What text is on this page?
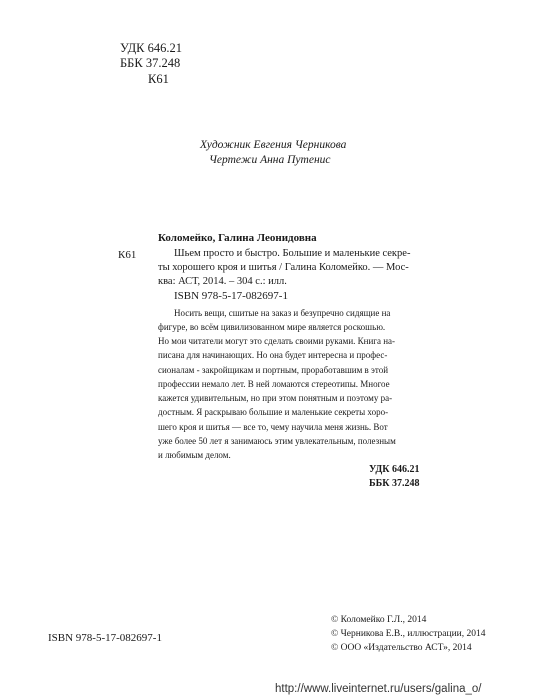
УДК 646.21
ББК 37.248
К61
Художник Евгения Черникова
Чертежи Анна Путенис
Коломейко, Галина Леонидовна
К61	Шьем просто и быстро. Большие и маленькие секре-
ты хорошего кроя и шитья / Галина Коломейко. — Мос-
ква: АСТ, 2014. – 304 с.: илл.
ISBN 978-5-17-082697-1
Носить вещи, сшитые на заказ и безупречно сидящие на
фигуре, во всём цивилизованном мире является роскошью.
Но мои читатели могут это сделать своими руками. Книга на-
писана для начинающих. Но она будет интересна и профес-
сионалам - закройщикам и портным, проработавшим в этой
профессии немало лет. В ней ломаются стереотипы. Многое
кажется удивительным, но при этом понятным и поэтому ра-
достным. Я раскрываю большие и маленькие секреты хоро-
шего кроя и шитья — все то, чему научила меня жизнь. Вот
уже более 50 лет я занимаюсь этим увлекательным, полезным
и любимым делом.
УДК 646.21
ББК 37.248
ISBN 978-5-17-082697-1
© Коломейко Г.Л., 2014
© Черникова Е.В., иллюстрации, 2014
© ООО «Издательство АСТ», 2014
http://www.liveinternet.ru/users/galina_o/
